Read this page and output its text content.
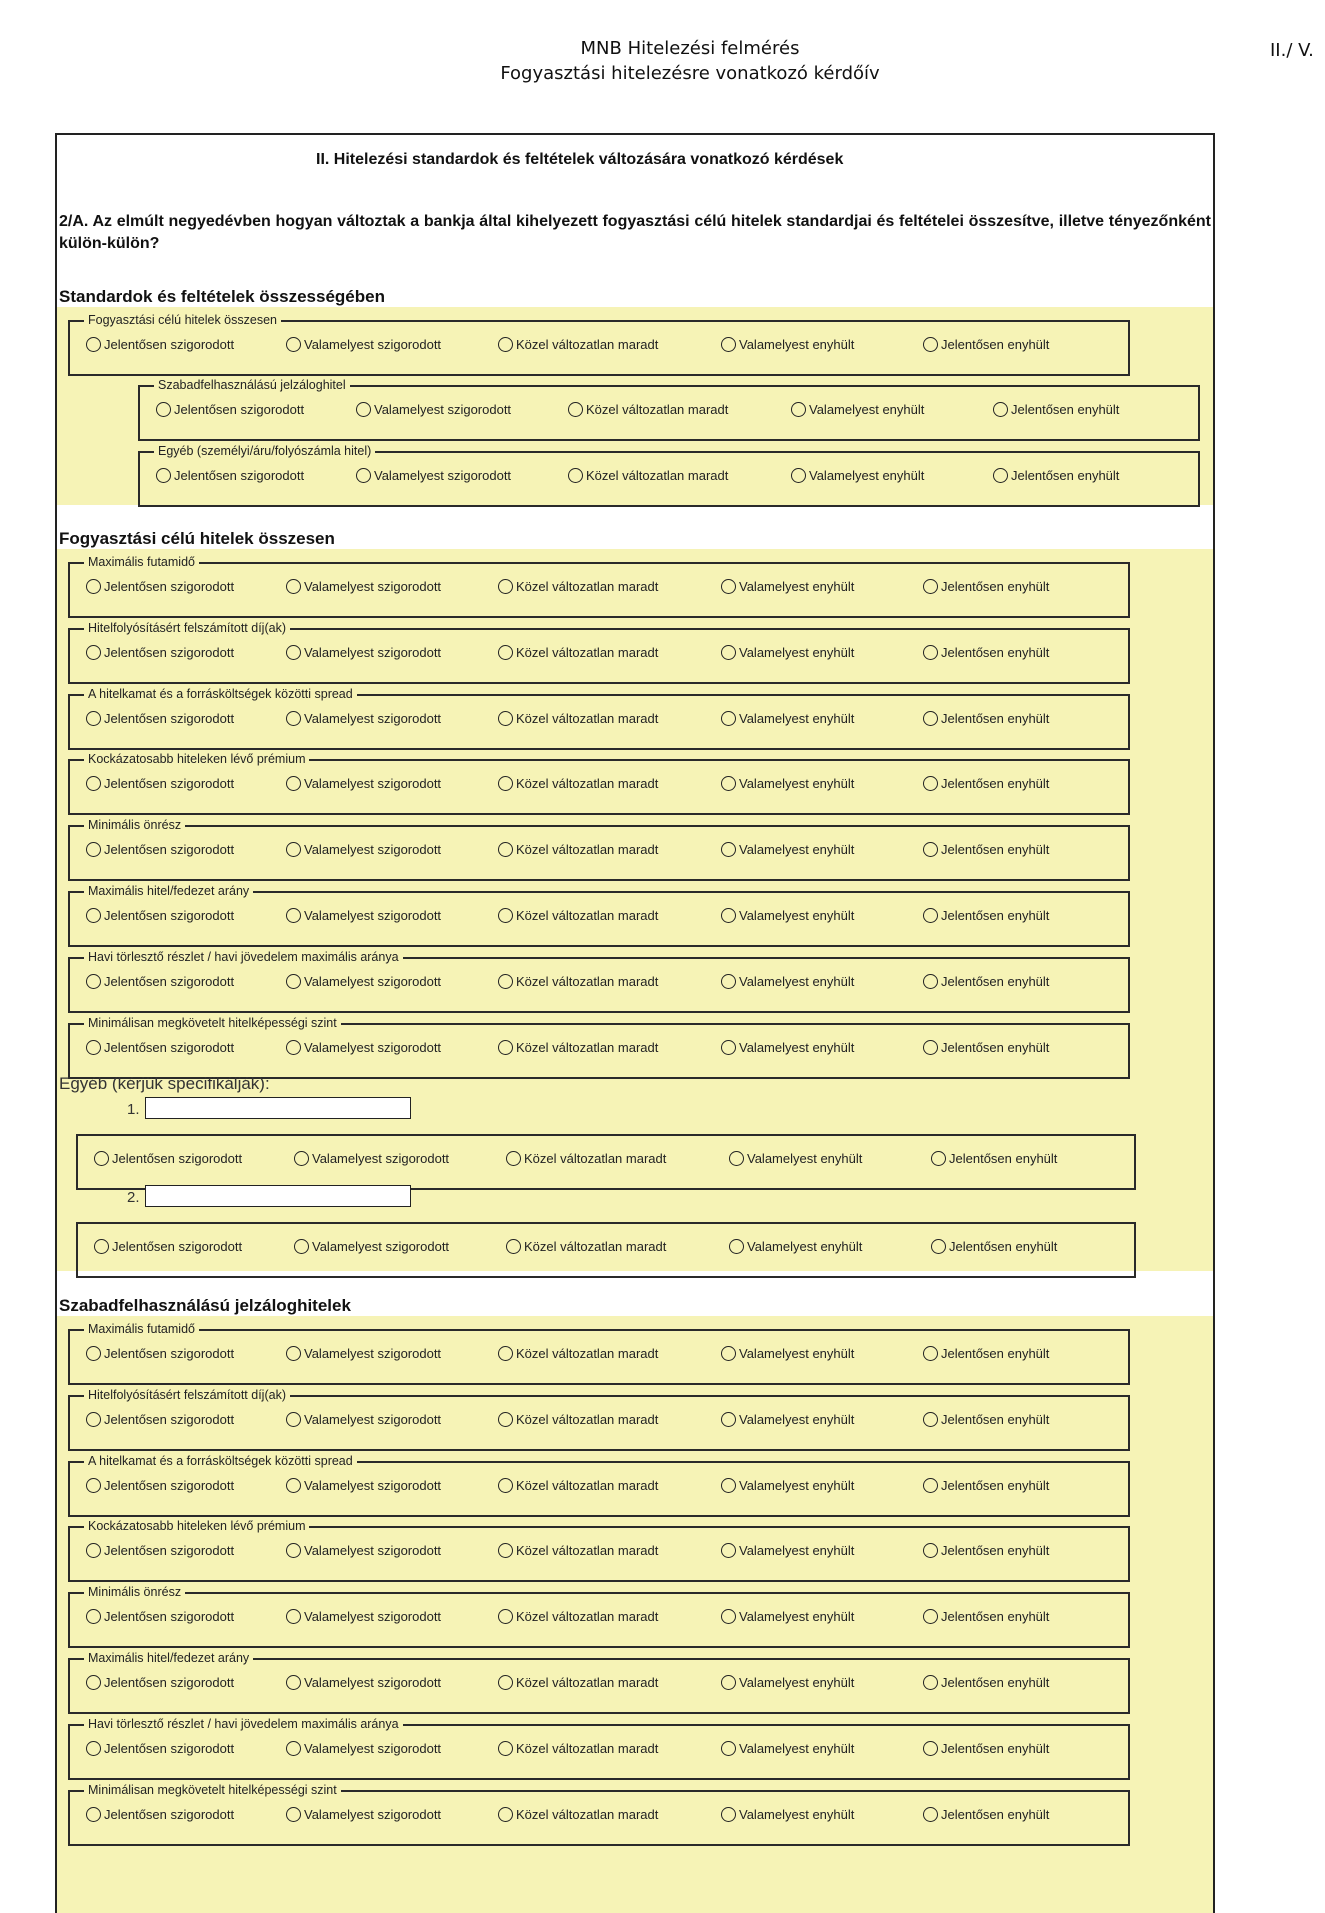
MNB Hitelezési felmérés
Fogyasztási hitelezésre vonatkozó kérdőív
II./ V.
II. Hitelezési standardok és feltételek változására vonatkozó kérdések
2/A. Az elmúlt negyedévben hogyan változtak a bankja által kihelyezett fogyasztási célú hitelek standardjai és feltételei összesítve, illetve tényezőnként külön-külön?
Standardok és feltételek összességében
Fogyasztási célú hitelek összesen
Jelentősen szigorodott	Valamelyest szigorodott	Közel változatlan maradt	Valamelyest enyhült	Jelentősen enyhült
Szabadfelhasználású jelzáloghitel
Jelentősen szigorodott	Valamelyest szigorodott	Közel változatlan maradt	Valamelyest enyhült	Jelentősen enyhült
Egyéb (személyi/áru/folyószámla hitel)
Jelentősen szigorodott	Valamelyest szigorodott	Közel változatlan maradt	Valamelyest enyhült	Jelentősen enyhült
Fogyasztási célú hitelek összesen
Maximális futamidő
Jelentősen szigorodott	Valamelyest szigorodott	Közel változatlan maradt	Valamelyest enyhült	Jelentősen enyhült
Hitelfolyósításért felszámított díj(ak)
Jelentősen szigorodott	Valamelyest szigorodott	Közel változatlan maradt	Valamelyest enyhült	Jelentősen enyhült
A hitelkamat és a forrásköltségek közötti spread
Jelentősen szigorodott	Valamelyest szigorodott	Közel változatlan maradt	Valamelyest enyhült	Jelentősen enyhült
Kockázatosabb hiteleken lévő prémium
Jelentősen szigorodott	Valamelyest szigorodott	Közel változatlan maradt	Valamelyest enyhült	Jelentősen enyhült
Minimális önrész
Jelentősen szigorodott	Valamelyest szigorodott	Közel változatlan maradt	Valamelyest enyhült	Jelentősen enyhült
Maximális hitel/fedezet arány
Jelentősen szigorodott	Valamelyest szigorodott	Közel változatlan maradt	Valamelyest enyhült	Jelentősen enyhült
Havi törlesztő részlet / havi jövedelem maximális aránya
Jelentősen szigorodott	Valamelyest szigorodott	Közel változatlan maradt	Valamelyest enyhült	Jelentősen enyhült
Minimálisan megkövetelt hitelképességi szint
Jelentősen szigorodott	Valamelyest szigorodott	Közel változatlan maradt	Valamelyest enyhült	Jelentősen enyhült
Egyéb (kérjük specifikálják):
1.
Jelentősen szigorodott	Valamelyest szigorodott	Közel változatlan maradt	Valamelyest enyhült	Jelentősen enyhült
2.
Jelentősen szigorodott	Valamelyest szigorodott	Közel változatlan maradt	Valamelyest enyhült	Jelentősen enyhült
Szabadfelhasználású jelzáloghitelek
Maximális futamidő
Jelentősen szigorodott	Valamelyest szigorodott	Közel változatlan maradt	Valamelyest enyhült	Jelentősen enyhült
Hitelfolyósításért felszámított díj(ak)
Jelentősen szigorodott	Valamelyest szigorodott	Közel változatlan maradt	Valamelyest enyhült	Jelentősen enyhült
A hitelkamat és a forrásköltségek közötti spread
Jelentősen szigorodott	Valamelyest szigorodott	Közel változatlan maradt	Valamelyest enyhült	Jelentősen enyhült
Kockázatosabb hiteleken lévő prémium
Jelentősen szigorodott	Valamelyest szigorodott	Közel változatlan maradt	Valamelyest enyhült	Jelentősen enyhült
Minimális önrész
Jelentősen szigorodott	Valamelyest szigorodott	Közel változatlan maradt	Valamelyest enyhült	Jelentősen enyhült
Maximális hitel/fedezet arány
Jelentősen szigorodott	Valamelyest szigorodott	Közel változatlan maradt	Valamelyest enyhült	Jelentősen enyhült
Havi törlesztő részlet / havi jövedelem maximális aránya
Jelentősen szigorodott	Valamelyest szigorodott	Közel változatlan maradt	Valamelyest enyhült	Jelentősen enyhült
Minimálisan megkövetelt hitelképességi szint
Jelentősen szigorodott	Valamelyest szigorodott	Közel változatlan maradt	Valamelyest enyhült	Jelentősen enyhült
